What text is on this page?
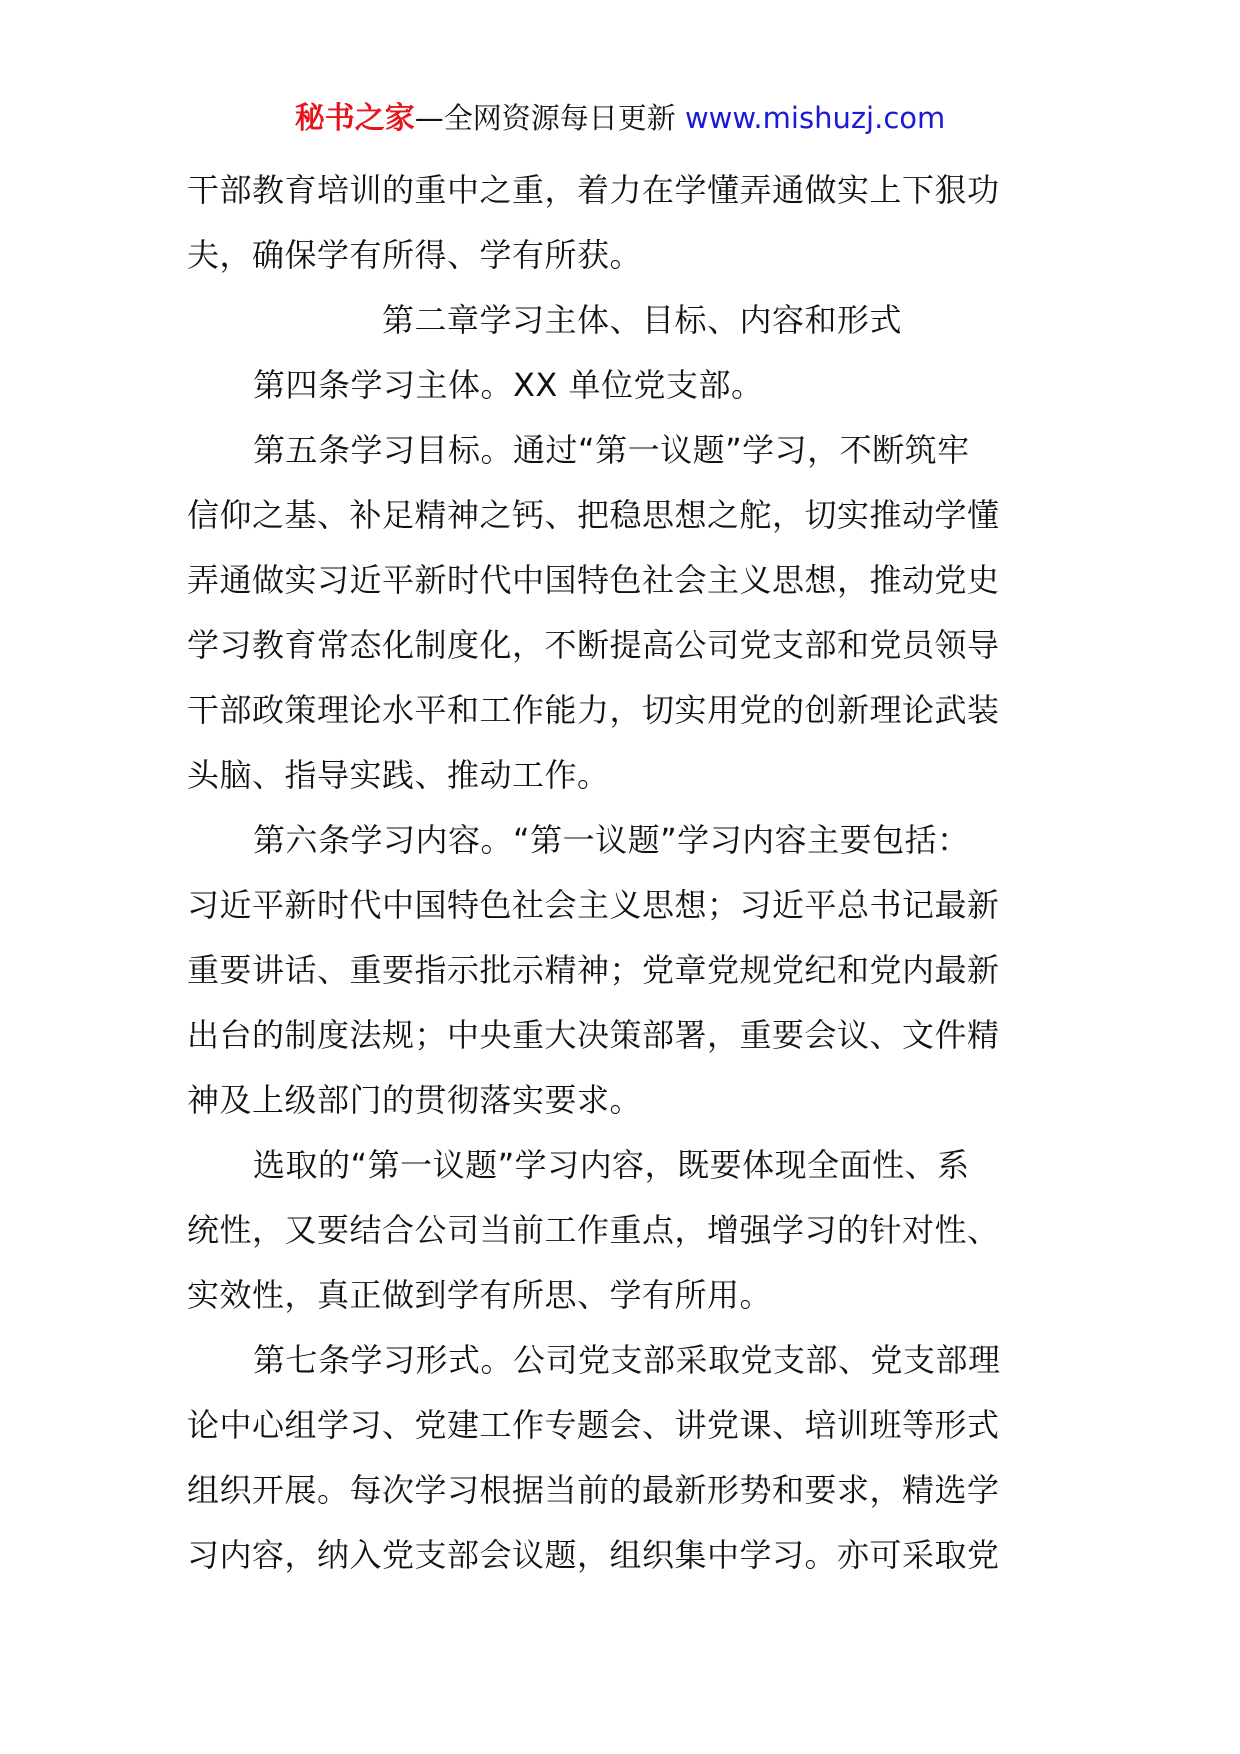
秘书之家—全网资源每日更新 www.mishuzj.com
干部教育培训的重中之重，着力在学懂弄通做实上下狠功
夫，确保学有所得、学有所获。
第二章学习主体、目标、内容和形式
第四条学习主体。XX 单位党支部。
第五条学习目标。通过“第一议题”学习，不断筑牢
信仰之基、补足精神之钙、把稳思想之舵，切实推动学懂
弄通做实习近平新时代中国特色社会主义思想，推动党史
学习教育常态化制度化，不断提高公司党支部和党员领导
干部政策理论水平和工作能力，切实用党的创新理论武装
头脑、指导实践、推动工作。
第六条学习内容。“第一议题”学习内容主要包括：
习近平新时代中国特色社会主义思想；习近平总书记最新
重要讲话、重要指示批示精神；党章党规党纪和党内最新
出台的制度法规；中央重大决策部署，重要会议、文件精
神及上级部门的贯彻落实要求。
选取的“第一议题”学习内容，既要体现全面性、系
统性，又要结合公司当前工作重点，增强学习的针对性、
实效性，真正做到学有所思、学有所用。
第七条学习形式。公司党支部采取党支部、党支部理
论中心组学习、党建工作专题会、讲党课、培训班等形式
组织开展。每次学习根据当前的最新形势和要求，精选学
习内容，纳入党支部会议题，组织集中学习。亦可采取党
